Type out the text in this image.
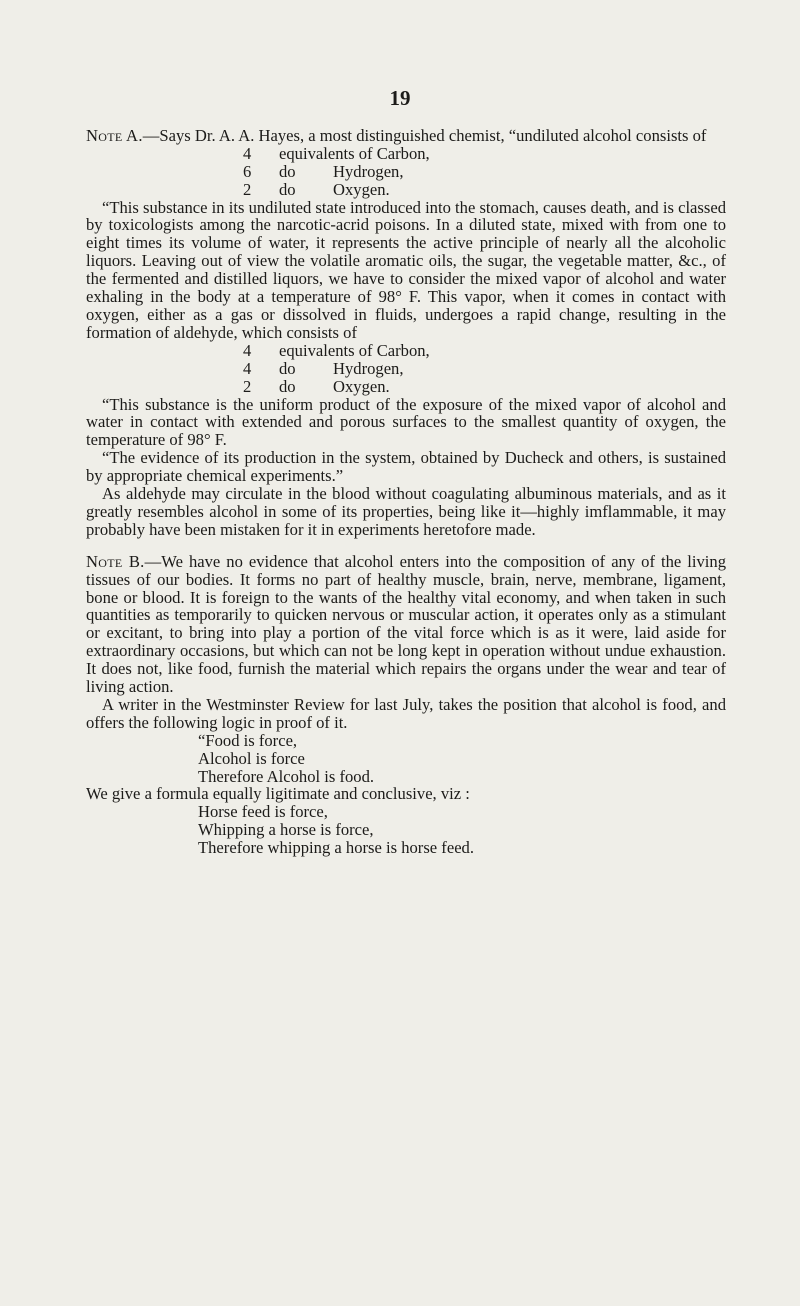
19

Note A.—Says Dr. A. A. Hayes, a most distinguished chemist, “undiluted alcohol consists of

4 equivalents of Carbon,
6 do Hydrogen,
2 do Oxygen.

“This substance in its undiluted state introduced into the stomach, causes death, and is classed by toxicologists among the narcotic-acrid poisons. In a diluted state, mixed with from one to eight times its volume of water, it represents the active principle of nearly all the alcoholic liquors. Leaving out of view the volatile aromatic oils, the sugar, the vegetable matter, &c., of the fermented and distilled liquors, we have to consider the mixed vapor of alcohol and water exhaling in the body at a temperature of 98° F. This vapor, when it comes in contact with oxygen, either as a gas or dissolved in fluids, undergoes a rapid change, resulting in the formation of aldehyde, which consists of

4 equivalents of Carbon,
4 do Hydrogen,
2 do Oxygen.

“This substance is the uniform product of the exposure of the mixed vapor of alcohol and water in contact with extended and porous surfaces to the smallest quantity of oxygen, the temperature of 98° F.

“The evidence of its production in the system, obtained by Ducheck and others, is sustained by appropriate chemical experiments.”

As aldehyde may circulate in the blood without coagulating albuminous materials, and as it greatly resembles alcohol in some of its properties, being like it—highly imflammable, it may probably have been mistaken for it in experiments heretofore made.

Note B.—We have no evidence that alcohol enters into the composition of any of the living tissues of our bodies. It forms no part of healthy muscle, brain, nerve, membrane, ligament, bone or blood. It is foreign to the wants of the healthy vital economy, and when taken in such quantities as temporarily to quicken nervous or muscular action, it operates only as a stimulant or excitant, to bring into play a portion of the vital force which is as it were, laid aside for extraordinary occasions, but which can not be long kept in operation without undue exhaustion. It does not, like food, furnish the material which repairs the organs under the wear and tear of living action.

A writer in the Westminster Review for last July, takes the position that alcohol is food, and offers the following logic in proof of it.

“Food is force,
Alcohol is force
Therefore Alcohol is food.

We give a formula equally ligitimate and conclusive, viz :

Horse feed is force,
Whipping a horse is force,
Therefore whipping a horse is horse feed.
